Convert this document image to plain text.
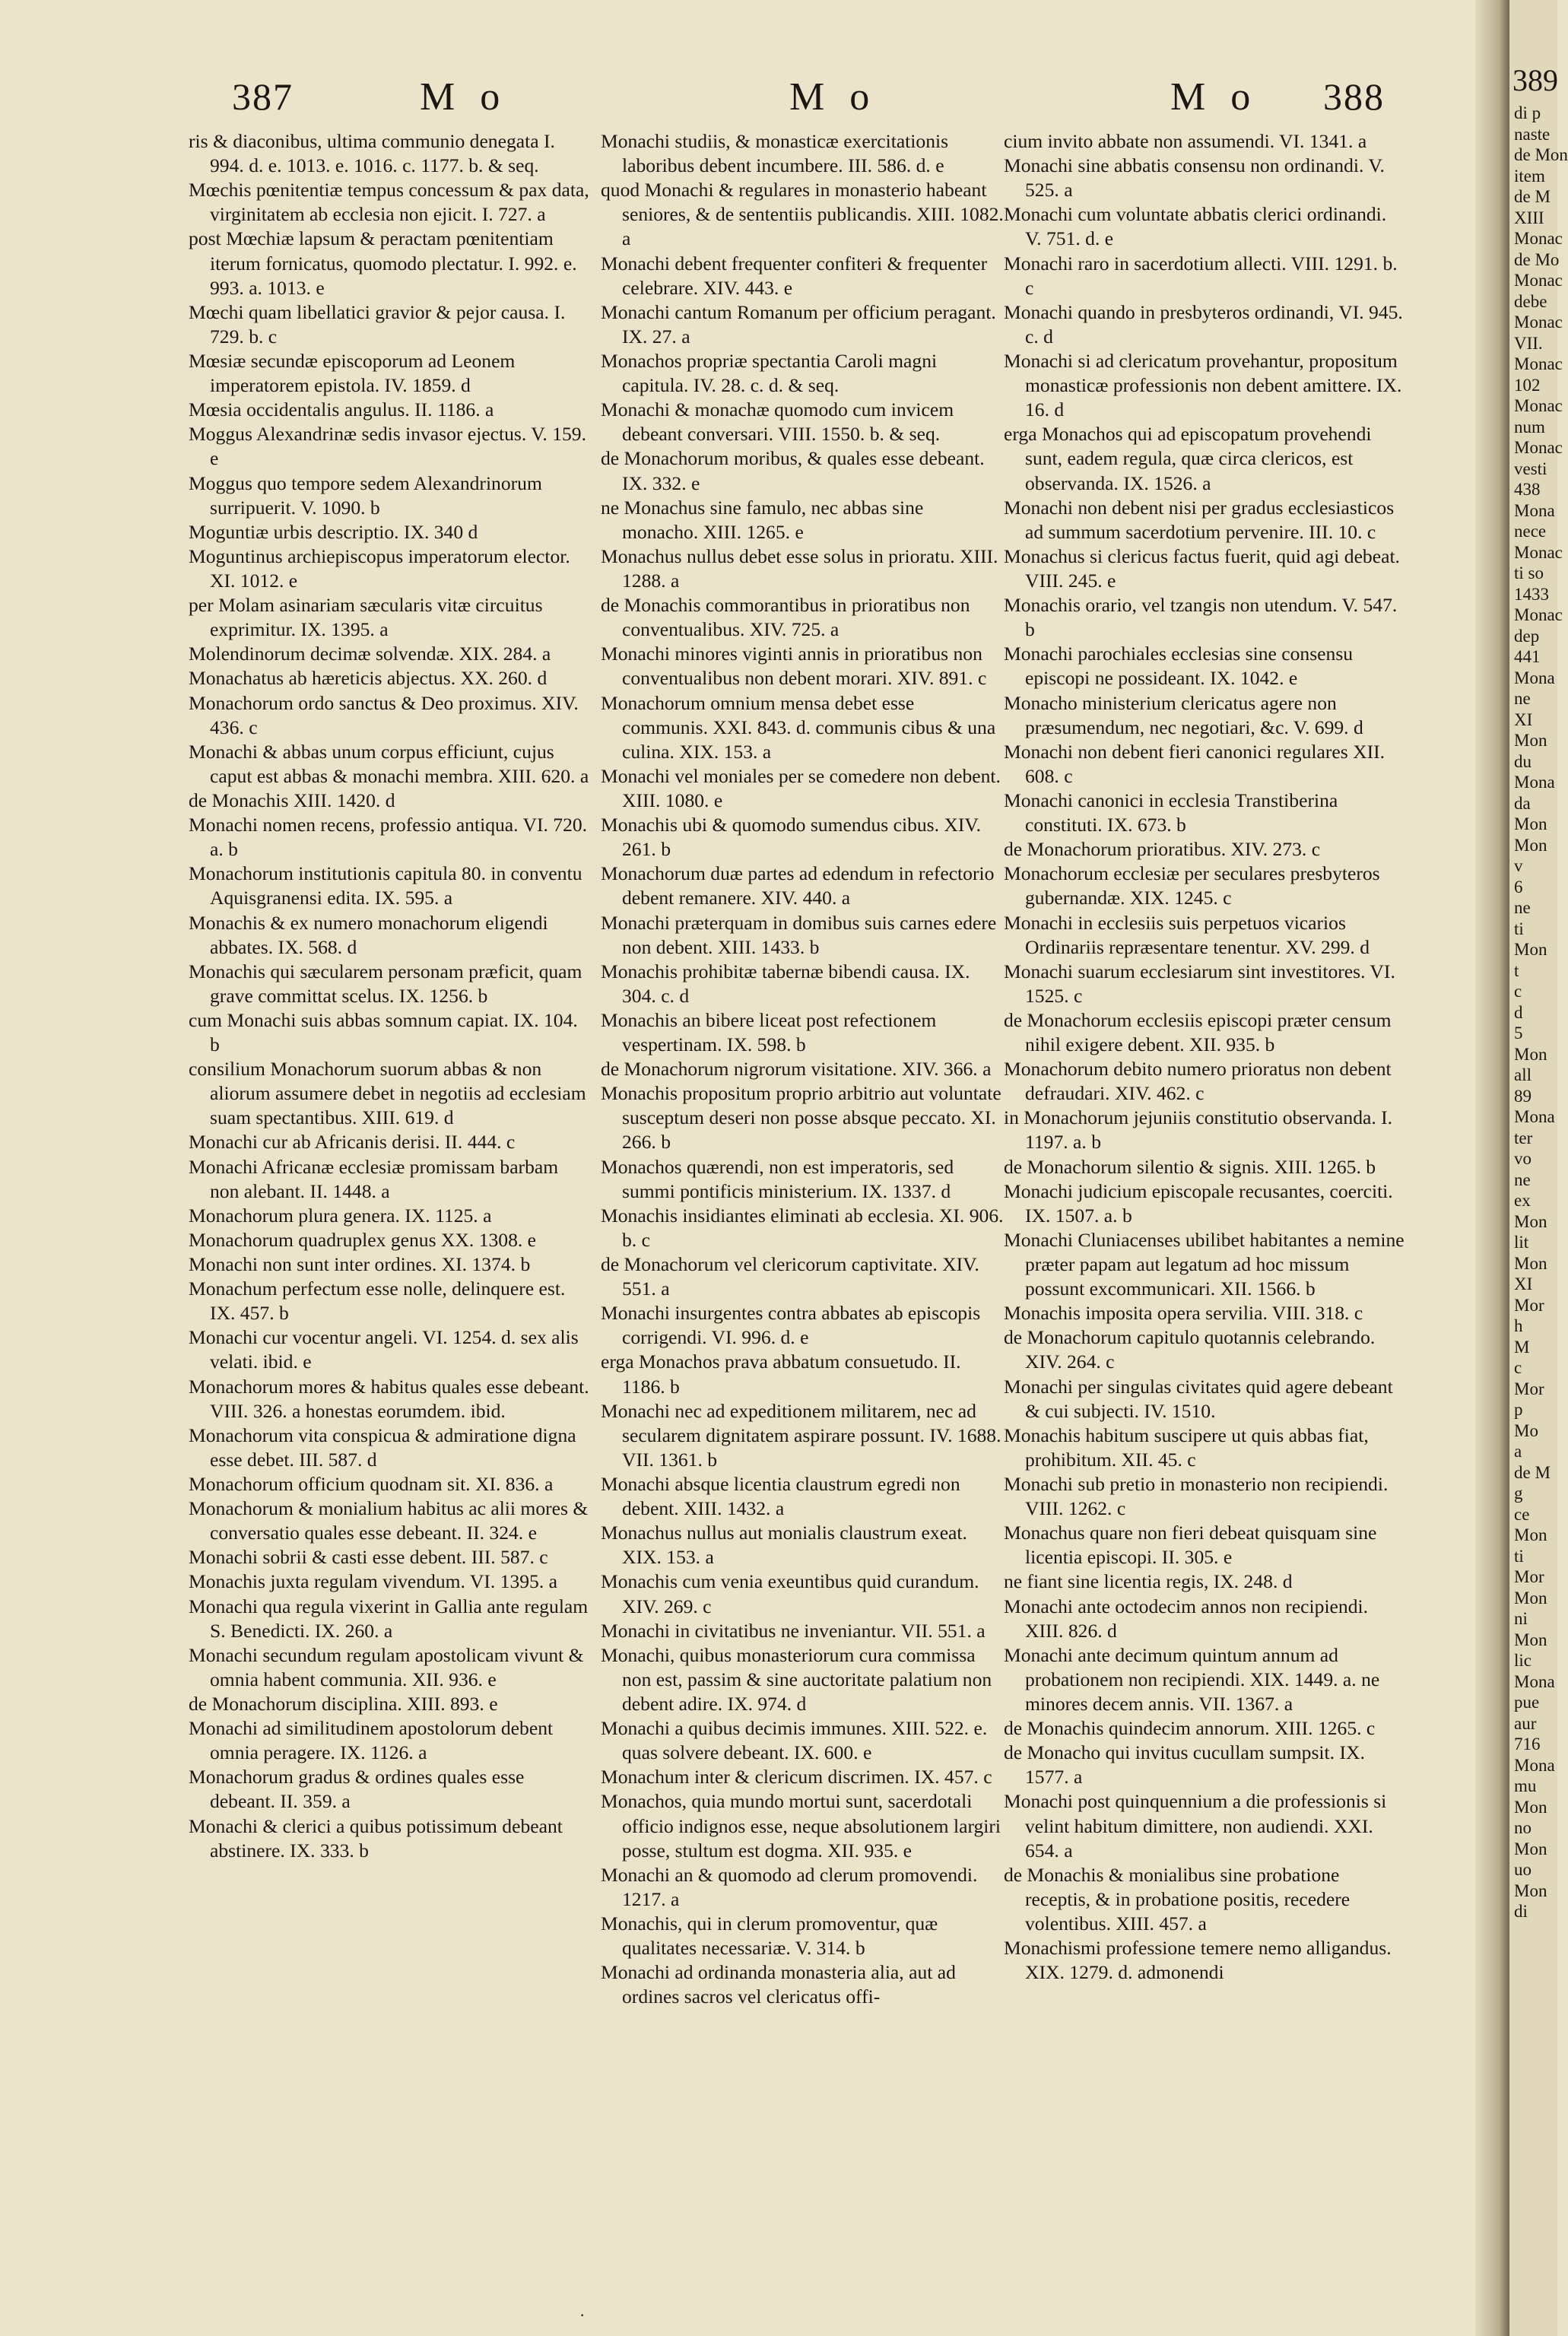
387	M o	M o	M o 388

ris & diaconibus, ultima communio denegata I. 994. d. e. 1013. e. 1016. c. 1177. b. & seq.

Mœchis pœnitentiæ tempus concessum & pax data, virginitatem ab ecclesia non ejicit. I. 727. a

post Mœchiæ lapsum & peractam pœnitentiam iterum fornicatus, quomodo plectatur. I. 992. e. 993. a. 1013. e

Mœchi quam libellatici gravior & pejor causa. I. 729. b. c

Mœsiæ secundæ episcoporum ad Leonem imperatorem epistola. IV. 1859. d

Mœsia occidentalis angulus. II. 1186. a

Moggus Alexandrinæ sedis invasor ejectus. V. 159. e

Moggus quo tempore sedem Alexandrinorum surripuerit. V. 1090. b

Moguntiæ urbis descriptio. IX. 340 d

Moguntinus archiepiscopus imperatorum elector. XI. 1012. e

per Molam asinariam sæcularis vitæ circuitus exprimitur. IX. 1395. a

Molendinorum decimæ solvendæ. XIX. 284. a

Monachatus ab hæreticis abjectus. XX. 260. d

Monachorum ordo sanctus & Deo proximus. XIV. 436. c

Monachi & abbas unum corpus efficiunt, cujus caput est abbas & monachi membra. XIII. 620. a

de Monachis XIII. 1420. d

Monachi nomen recens, professio antiqua. VI. 720. a. b

Monachorum institutionis capitula 80. in conventu Aquisgranensi edita. IX. 595. a

Monachis & ex numero monachorum eligendi abbates. IX. 568. d

Monachis qui sæcularem personam præficit, quam grave committat scelus. IX. 1256. b

cum Monachi suis abbas somnum capiat. IX. 104. b

consilium Monachorum suorum abbas & non aliorum assumere debet in negotiis ad ecclesiam suam spectantibus. XIII. 619. d

Monachi cur ab Africanis derisi. II. 444. c

Monachi Africanæ ecclesiæ promissam barbam non alebant. II. 1448. a

Monachorum plura genera. IX. 1125. a

Monachorum quadruplex genus XX. 1308. e

Monachi non sunt inter ordines. XI. 1374. b

Monachum perfectum esse nolle, delinquere est. IX. 457. b

Monachi cur vocentur angeli. VI. 1254. d. sex alis velati. ibid. e

Monachorum mores & habitus quales esse debeant. VIII. 326. a honestas eorumdem. ibid.

Monachorum vita conspicua & admiratione digna esse debet. III. 587. d

Monachorum officium quodnam sit. XI. 836. a

Monachorum & monialium habitus ac alii mores & conversatio quales esse debeant. II. 324. e

Monachi sobrii & casti esse debent. III. 587. c

Monachis juxta regulam vivendum. VI. 1395. a

Monachi qua regula vixerint in Gallia ante regulam S. Benedicti. IX. 260. a

Monachi secundum regulam apostolicam vivunt & omnia habent communia. XII. 936. e

de Monachorum disciplina. XIII. 893. e

Monachi ad similitudinem apostolorum debent omnia peragere. IX. 1126. a

Monachorum gradus & ordines quales esse debeant. II. 359. a

Monachi & clerici a quibus potissimum debeant abstinere. IX. 333. b

Monachi studiis, & monasticæ exercitationis laboribus debent incumbere. III. 586. d. e

quod Monachi & regulares in monasterio habeant seniores, & de sententiis publicandis. XIII. 1082. a

Monachi debent frequenter confiteri & frequenter celebrare. XIV. 443. e

Monachi cantum Romanum per officium peragant. IX. 27. a

Monachos propriæ spectantia Caroli magni capitula. IV. 28. c. d. & seq.

Monachi & monachæ quomodo cum invicem debeant conversari. VIII. 1550. b. & seq.

de Monachorum moribus, & quales esse debeant. IX. 332. e

ne Monachus sine famulo, nec abbas sine monacho. XIII. 1265. e

Monachus nullus debet esse solus in prioratu. XIII. 1288. a

de Monachis commorantibus in prioratibus non conventualibus. XIV. 725. a

Monachi minores viginti annis in prioratibus non conventualibus non debent morari. XIV. 891. c

Monachorum omnium mensa debet esse communis. XXI. 843. d. communis cibus & una culina. XIX. 153. a

Monachi vel moniales per se comedere non debent. XIII. 1080. e

Monachis ubi & quomodo sumendus cibus. XIV. 261. b

Monachorum duæ partes ad edendum in refectorio debent remanere. XIV. 440. a

Monachi præterquam in domibus suis carnes edere non debent. XIII. 1433. b

Monachis prohibitæ tabernæ bibendi causa. IX. 304. c. d

Monachis an bibere liceat post refectionem vespertinam. IX. 598. b

de Monachorum nigrorum visitatione. XIV. 366. a

Monachis propositum proprio arbitrio aut voluntate susceptum deseri non posse absque peccato. XI. 266. b

Monachos quærendi, non est imperatoris, sed summi pontificis ministerium. IX. 1337. d

Monachis insidiantes eliminati ab ecclesia. XI. 906. b. c

de Monachorum vel clericorum captivitate. XIV. 551. a

Monachi insurgentes contra abbates ab episcopis corrigendi. VI. 996. d. e

erga Monachos prava abbatum consuetudo. II. 1186. b

Monachi nec ad expeditionem militarem, nec ad secularem dignitatem aspirare possunt. IV. 1688. VII. 1361. b

Monachi absque licentia claustrum egredi non debent. XIII. 1432. a

Monachus nullus aut monialis claustrum exeat. XIX. 153. a

Monachis cum venia exeuntibus quid curandum. XIV. 269. c

Monachi in civitatibus ne inveniantur. VII. 551. a

Monachi, quibus monasteriorum cura commissa non est, passim & sine auctoritate palatium non debent adire. IX. 974. d

Monachi a quibus decimis immunes. XIII. 522. e. quas solvere debeant. IX. 600. e

Monachum inter & clericum discrimen. IX. 457. c

Monachos, quia mundo mortui sunt, sacerdotali officio indignos esse, neque absolutionem largiri posse, stultum est dogma. XII. 935. e

Monachi an & quomodo ad clerum promovendi. 1217. a

Monachis, qui in clerum promoventur, quæ qualitates necessariæ. V. 314. b

Monachi ad ordinanda monasteria alia, aut ad ordines sacros vel clericatus offi-

cium invito abbate non assumendi. VI. 1341. a

Monachi sine abbatis consensu non ordinandi. V. 525. a

Monachi cum voluntate abbatis clerici ordinandi. V. 751. d. e

Monachi raro in sacerdotium allecti. VIII. 1291. b. c

Monachi quando in presbyteros ordinandi, VI. 945. c. d

Monachi si ad clericatum provehantur, propositum monasticæ professionis non debent amittere. IX. 16. d

erga Monachos qui ad episcopatum provehendi sunt, eadem regula, quæ circa clericos, est observanda. IX. 1526. a

Monachi non debent nisi per gradus ecclesiasticos ad summum sacerdotium pervenire. III. 10. c

Monachus si clericus factus fuerit, quid agi debeat. VIII. 245. e

Monachis orario, vel tzangis non utendum. V. 547. b

Monachi parochiales ecclesias sine consensu episcopi ne possideant. IX. 1042. e

Monacho ministerium clericatus agere non præsumendum, nec negotiari, &c. V. 699. d

Monachi non debent fieri canonici regulares XII. 608. c

Monachi canonici in ecclesia Transtiberina constituti. IX. 673. b

de Monachorum prioratibus. XIV. 273. c

Monachorum ecclesiæ per seculares presbyteros gubernandæ. XIX. 1245. c

Monachi in ecclesiis suis perpetuos vicarios Ordinariis repræsentare tenentur. XV. 299. d

Monachi suarum ecclesiarum sint investitores. VI. 1525. c

de Monachorum ecclesiis episcopi præter censum nihil exigere debent. XII. 935. b

Monachorum debito numero prioratus non debent defraudari. XIV. 462. c

in Monachorum jejuniis constitutio observanda. I. 1197. a. b

de Monachorum silentio & signis. XIII. 1265. b

Monachi judicium episcopale recusantes, coerciti. IX. 1507. a. b

Monachi Cluniacenses ubilibet habitantes a nemine præter papam aut legatum ad hoc missum possunt excommunicari. XII. 1566. b

Monachis imposita opera servilia. VIII. 318. c

de Monachorum capitulo quotannis celebrando. XIV. 264. c

Monachi per singulas civitates quid agere debeant & cui subjecti. IV. 1510.

Monachis habitum suscipere ut quis abbas fiat, prohibitum. XII. 45. c

Monachi sub pretio in monasterio non recipiendi. VIII. 1262. c

Monachus quare non fieri debeat quisquam sine licentia episcopi. II. 305. e

ne fiant sine licentia regis, IX. 248. d

Monachi ante octodecim annos non recipiendi. XIII. 826. d

Monachi ante decimum quintum annum ad probationem non recipiendi. XIX. 1449. a. ne minores decem annis. VII. 1367. a

de Monachis quindecim annorum. XIII. 1265. c

de Monacho qui invitus cucullam sumpsit. IX. 1577. a

Monachi post quinquennium a die professionis si velint habitum dimittere, non audiendi. XXI. 654. a

de Monachis & monialibus sine probatione receptis, & in probatione positis, recedere volentibus. XIII. 457. a

Monachismi professione temere nemo alligandus. XIX. 1279. d. admonendi

·
389
di p
naste
de Mon
item
de M
XIII
Monac
de Mo
Monac
debe
Monac
VII.
Monac
102
Monac
num
Monac
vesti
438
Mona
nece
Monac
ti so
1433
Monac
dep
441
Mona
ne
XI
Mon
du
Mona
da
Mon
Mon
v
6
ne
ti
Mon
t
c
d
5
Mon
all
89
Mona
ter
vo
ne
ex
Mon
lit
Mon
XI
Mor
h
M
c
Mor
p
Mo
a
de M
g
ce
Mon
ti
Mor
Mon
ni
Mon
lic
Mona
pue
aur
716
Mona
mu
Mon
no
Mon
uo
Mon
di
